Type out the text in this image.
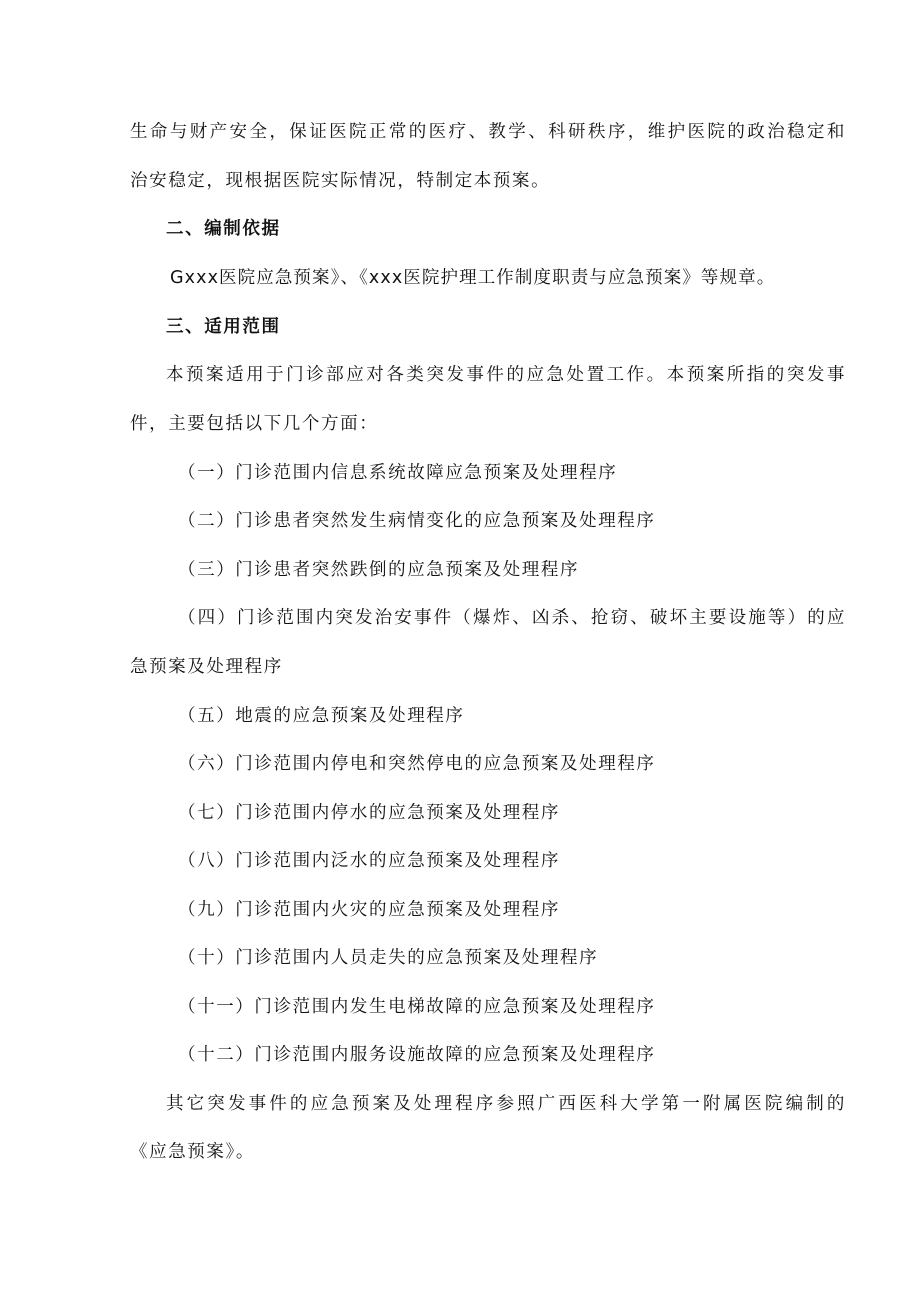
生命与财产安全，保证医院正常的医疗、教学、科研秩序，维护医院的政治稳定和
治安稳定，现根据医院实际情况，特制定本预案。
二、编制依据
Gxxx医院应急预案》、《xxx医院护理工作制度职责与应急预案》等规章。
三、适用范围
本预案适用于门诊部应对各类突发事件的应急处置工作。本预案所指的突发事
件，主要包括以下几个方面：
（一）门诊范围内信息系统故障应急预案及处理程序
（二）门诊患者突然发生病情变化的应急预案及处理程序
（三）门诊患者突然跌倒的应急预案及处理程序
（四）门诊范围内突发治安事件（爆炸、凶杀、抢窃、破坏主要设施等）的应
急预案及处理程序
（五）地震的应急预案及处理程序
（六）门诊范围内停电和突然停电的应急预案及处理程序
（七）门诊范围内停水的应急预案及处理程序
（八）门诊范围内泛水的应急预案及处理程序
（九）门诊范围内火灾的应急预案及处理程序
（十）门诊范围内人员走失的应急预案及处理程序
（十一）门诊范围内发生电梯故障的应急预案及处理程序
（十二）门诊范围内服务设施故障的应急预案及处理程序
其它突发事件的应急预案及处理程序参照广西医科大学第一附属医院编制的
《应急预案》。
